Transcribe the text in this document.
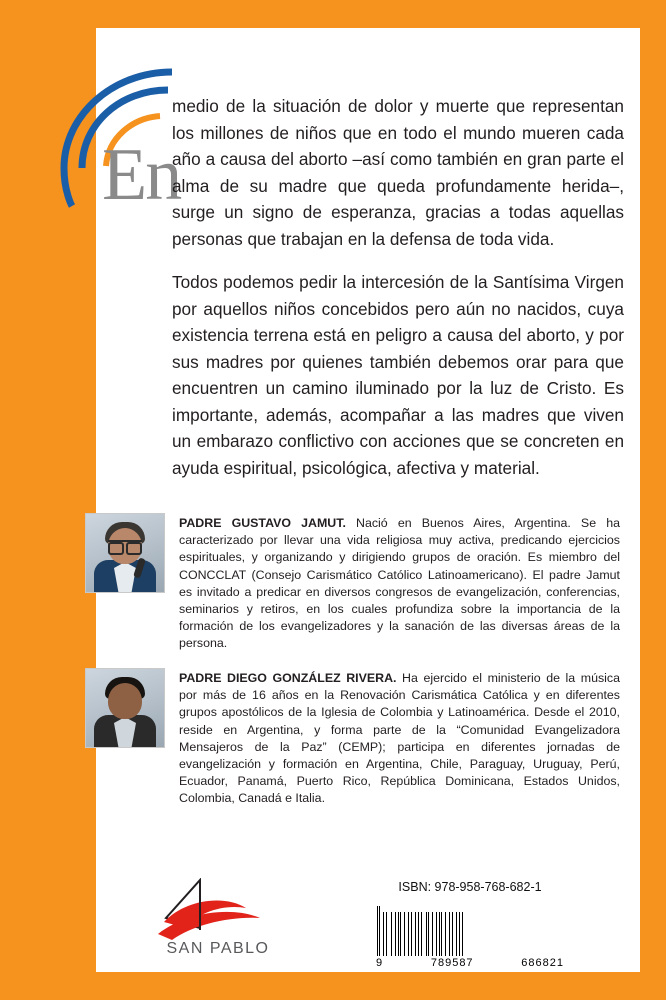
En

medio de la situación de dolor y muerte que representan los millones de niños que en todo el mundo mueren cada año a causa del aborto –así como también en gran parte el alma de su madre que queda profundamente herida–, surge un signo de esperanza, gracias a todas aquellas personas que trabajan en la defensa de toda vida.

Todos podemos pedir la intercesión de la Santísima Virgen por aquellos niños concebidos pero aún no nacidos, cuya existencia terrena está en peligro a causa del aborto, y por sus madres por quienes también debemos orar para que encuentren un camino iluminado por la luz de Cristo. Es importante, además, acompañar a las madres que viven un embarazo conflictivo con acciones que se concreten en ayuda espiritual, psicológica, afectiva y material.

PADRE GUSTAVO JAMUT. Nació en Buenos Aires, Argentina. Se ha caracterizado por llevar una vida religiosa muy activa, predicando ejercicios espirituales, y organizando y dirigiendo grupos de oración. Es miembro del CONCCLAT (Consejo Carismático Católico Latinoamericano). El padre Jamut es invitado a predicar en diversos congresos de evangelización, conferencias, seminarios y retiros, en los cuales profundiza sobre la importancia de la formación de los evangelizadores y la sanación de las diversas áreas de la persona.
PADRE DIEGO GONZÁLEZ RIVERA. Ha ejercido el ministerio de la música por más de 16 años en la Renovación Carismática Católica y en diferentes grupos apostólicos de la Iglesia de Colombia y Latinoamérica. Desde el 2010, reside en Argentina, y forma parte de la “Comunidad Evangelizadora Mensajeros de la Paz” (CEMP); participa en diferentes jornadas de evangelización y formación en Argentina, Chile, Paraguay, Uruguay, Perú, Ecuador, Panamá, Puerto Rico, República Dominicana, Estados Unidos, Colombia, Canadá e Italia.
SAN PABLO
ISBN: 978-958-768-682-1
9	789587	686821
